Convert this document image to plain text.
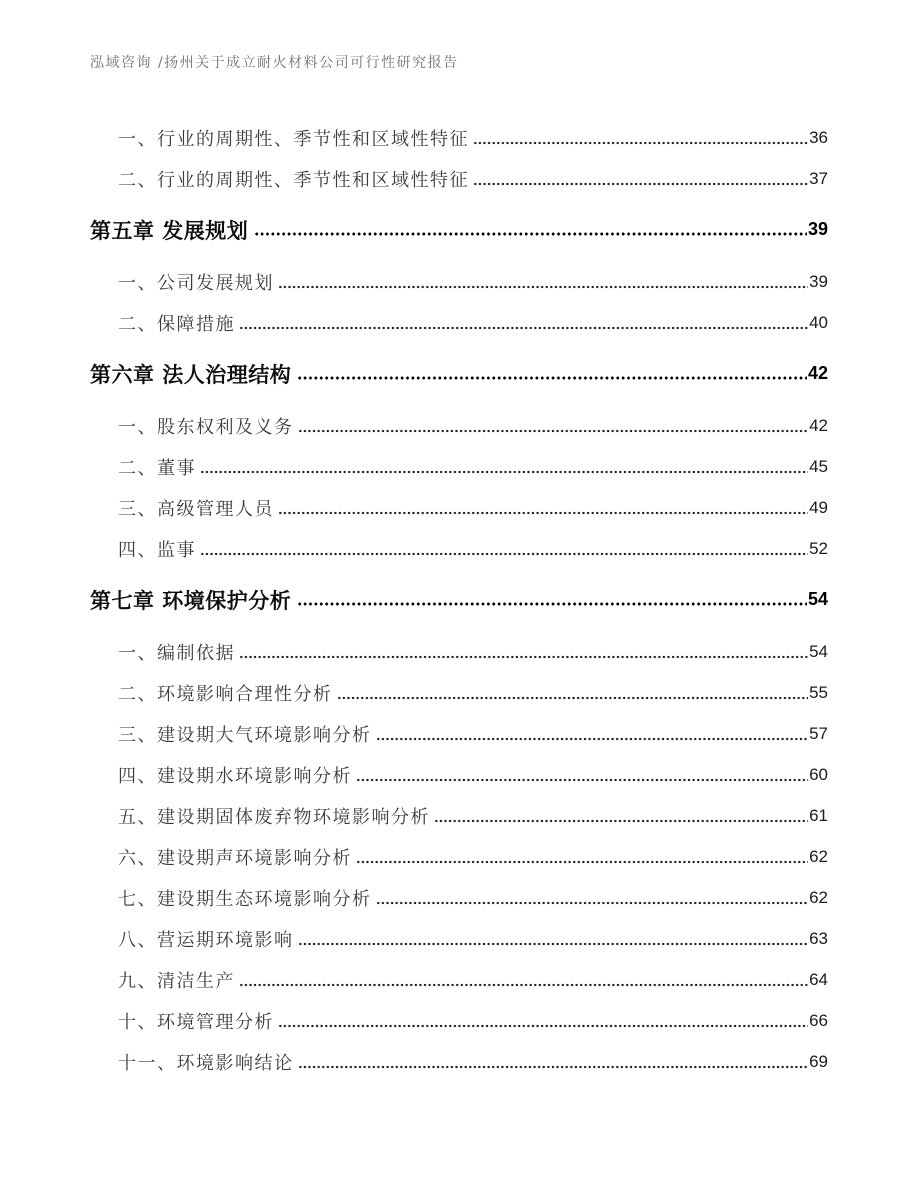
泓域咨询 /扬州关于成立耐火材料公司可行性研究报告
一、行业的周期性、季节性和区域性特征	36
二、行业的周期性、季节性和区域性特征	37
第五章 发展规划	39
一、公司发展规划	39
二、保障措施	40
第六章 法人治理结构	42
一、股东权利及义务	42
二、董事	45
三、高级管理人员	49
四、监事	52
第七章 环境保护分析	54
一、编制依据	54
二、环境影响合理性分析	55
三、建设期大气环境影响分析	57
四、建设期水环境影响分析	60
五、建设期固体废弃物环境影响分析	61
六、建设期声环境影响分析	62
七、建设期生态环境影响分析	62
八、营运期环境影响	63
九、清洁生产	64
十、环境管理分析	66
十一、环境影响结论	69
